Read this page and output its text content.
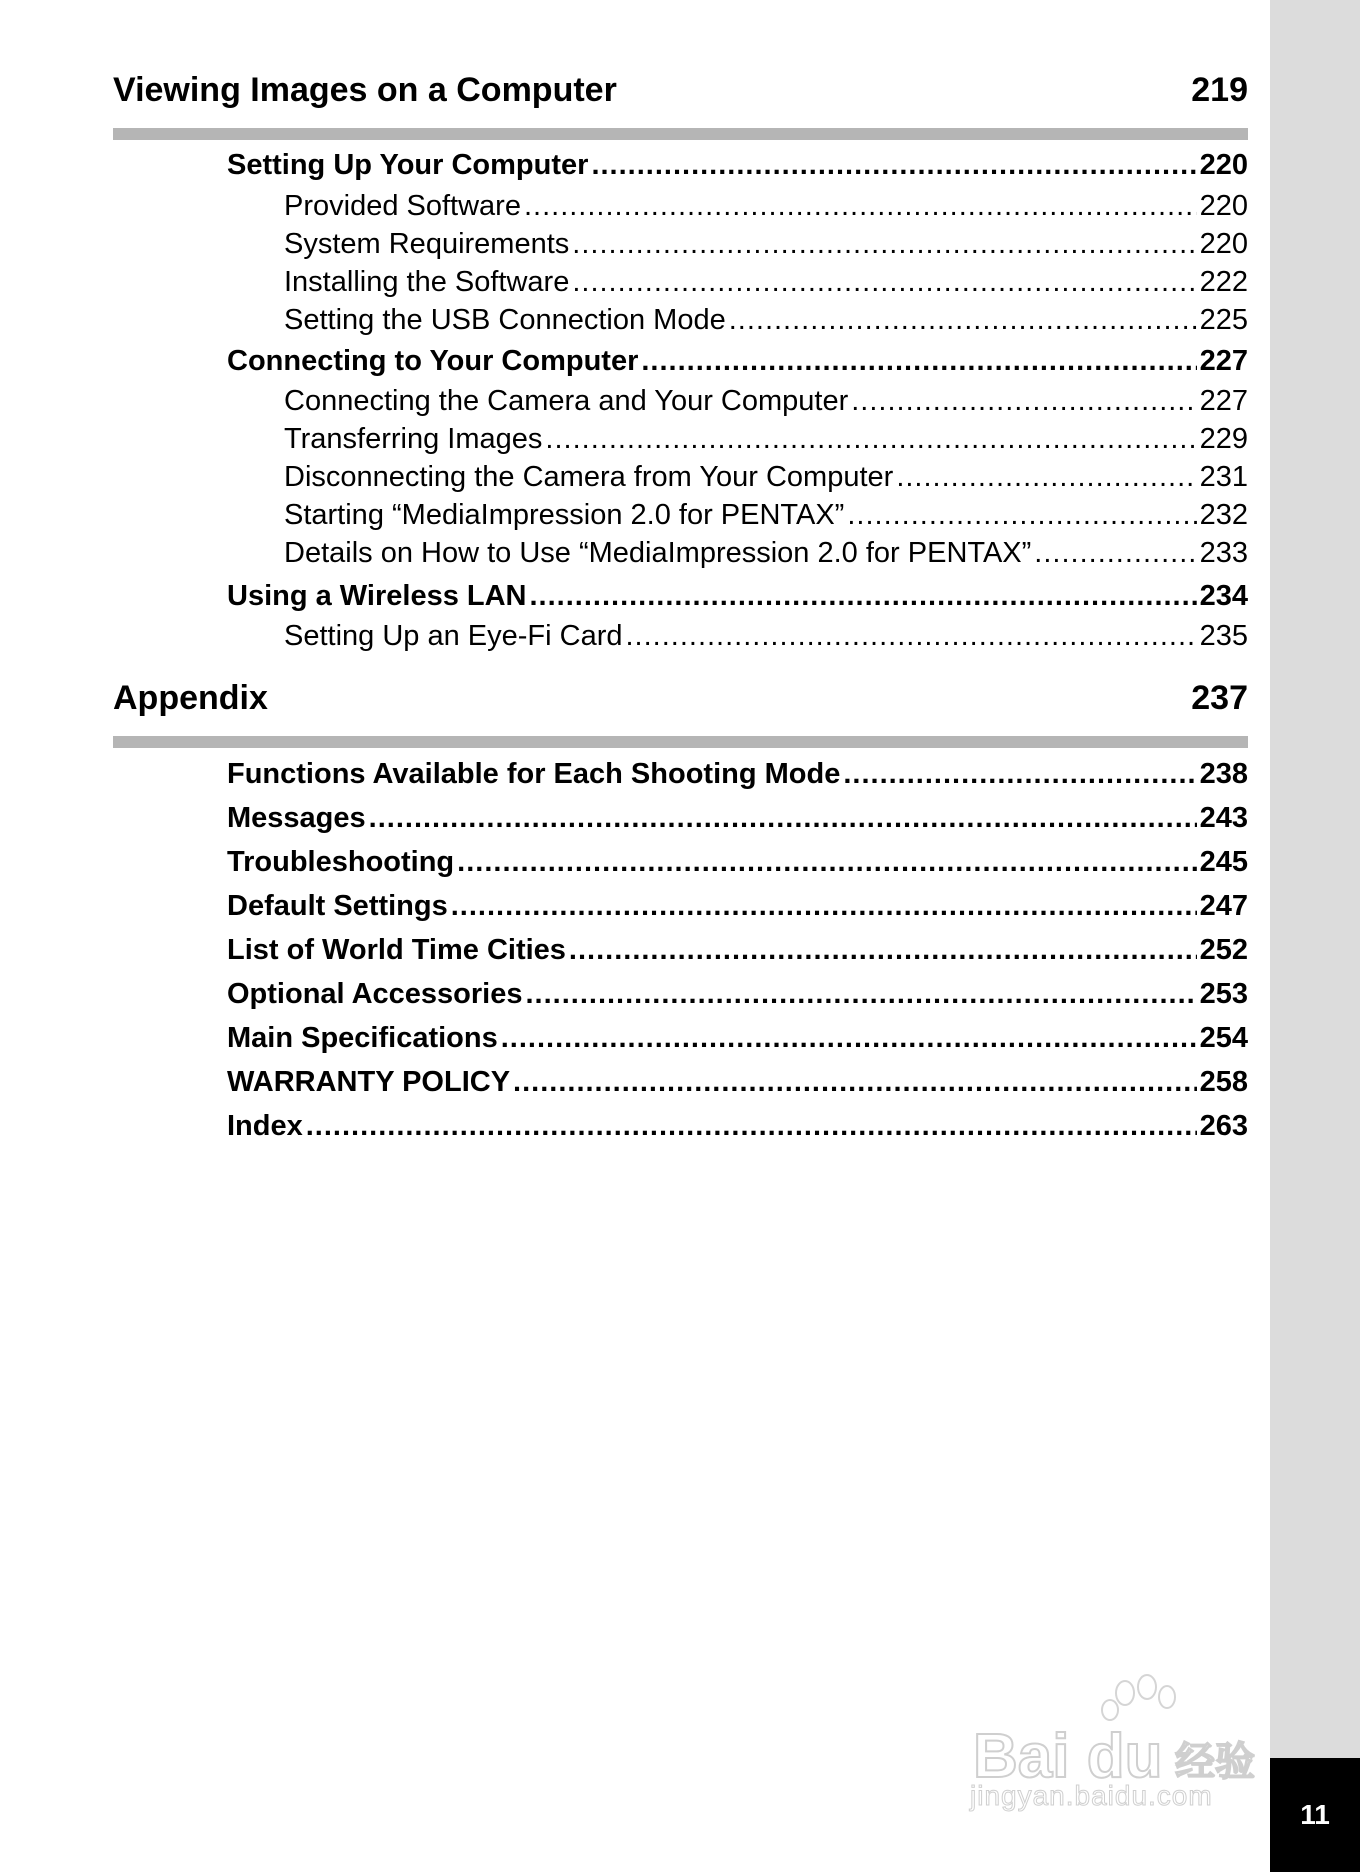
Viewing Images on a Computer	219
Setting Up Your Computer .....	220
Provided Software .....	220
System Requirements .....	220
Installing the Software .....	222
Setting the USB Connection Mode .....	225
Connecting to Your Computer .....	227
Connecting the Camera and Your Computer .....	227
Transferring Images .....	229
Disconnecting the Camera from Your Computer .....	231
Starting “MediaImpression 2.0 for PENTAX” .....	232
Details on How to Use “MediaImpression 2.0 for PENTAX” .....	233
Using a Wireless LAN .....	234
Setting Up an Eye-Fi Card .....	235
Appendix	237
Functions Available for Each Shooting Mode .....	238
Messages .....	243
Troubleshooting .....	245
Default Settings .....	247
List of World Time Cities .....	252
Optional Accessories .....	253
Main Specifications .....	254
WARRANTY POLICY .....	258
Index .....	263
Bai du 经验
jingyan.baidu.com
11
